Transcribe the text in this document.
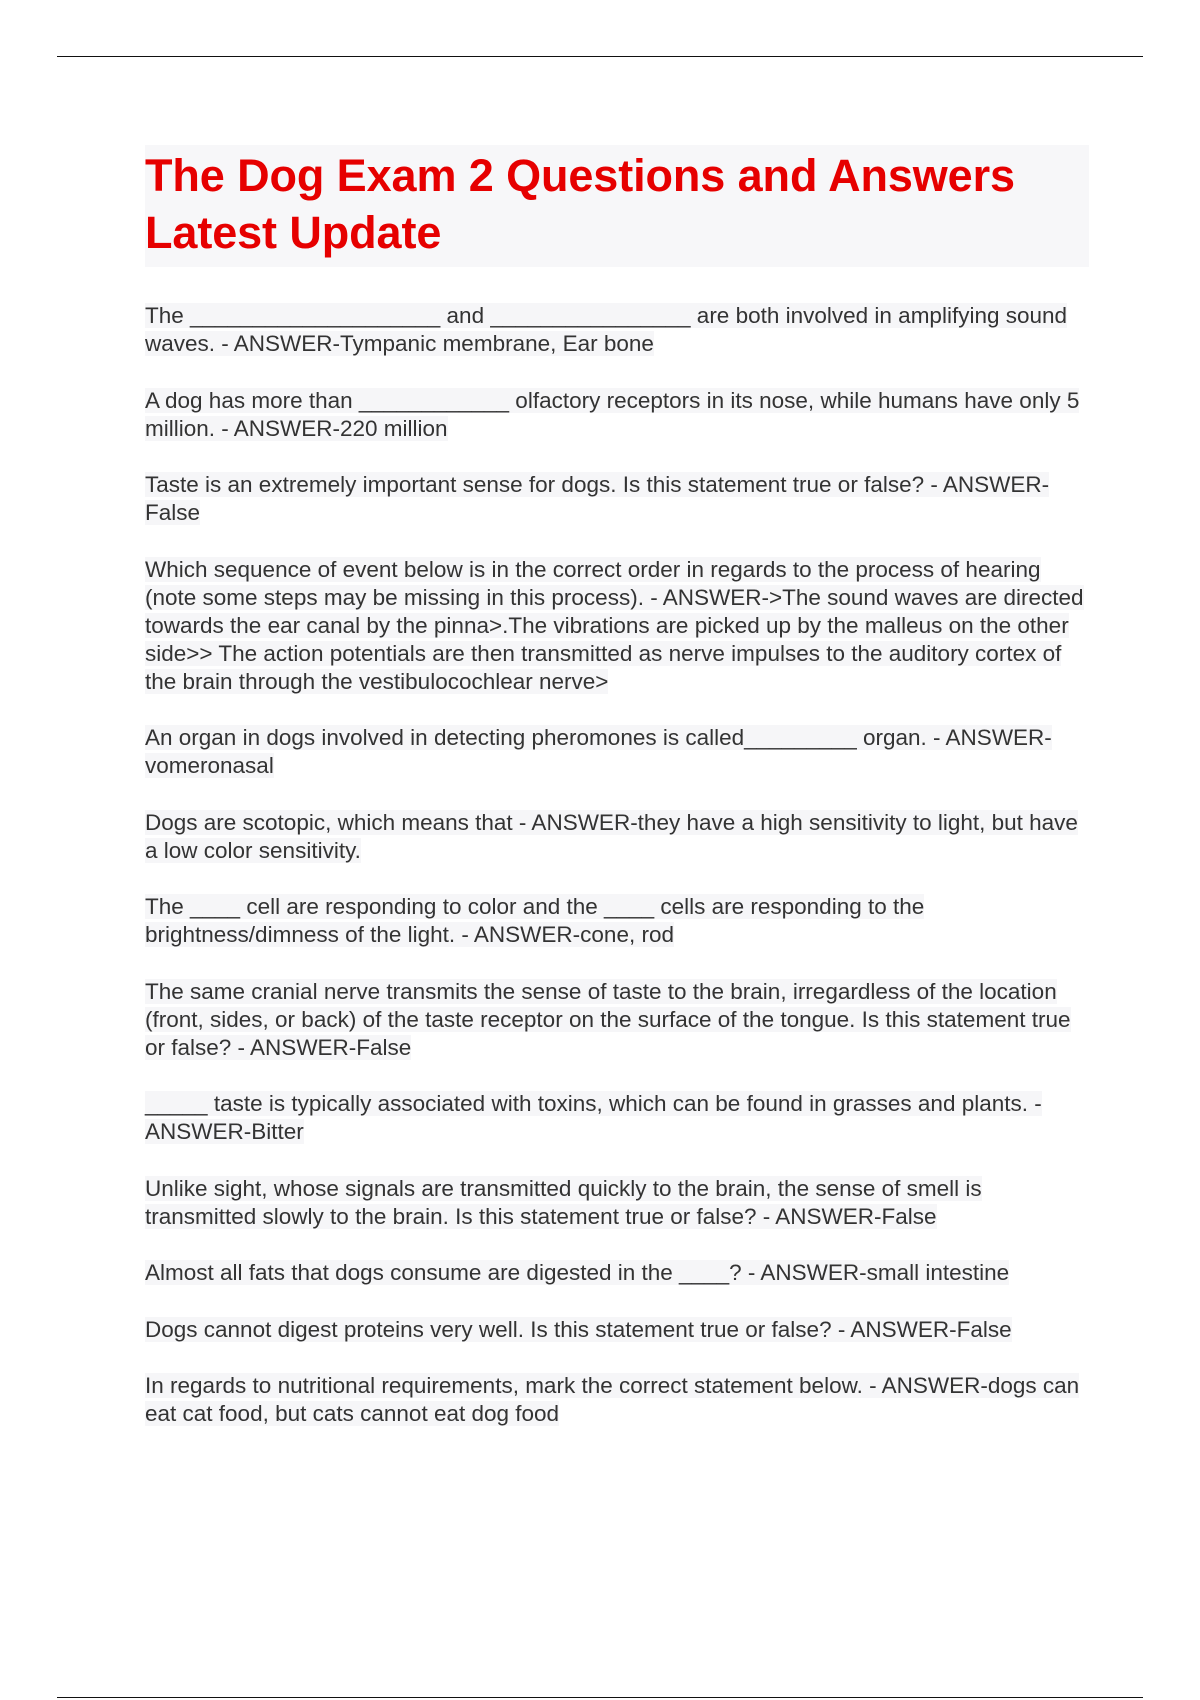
The Dog Exam 2 Questions and Answers
Latest Update

The ____________________ and ________________ are both involved in amplifying sound waves. - ANSWER-Tympanic membrane, Ear bone

A dog has more than ____________ olfactory receptors in its nose, while humans have only 5 million. - ANSWER-220 million

Taste is an extremely important sense for dogs. Is this statement true or false? - ANSWER-False

Which sequence of event below is in the correct order in regards to the process of hearing (note some steps may be missing in this process). - ANSWER->The sound waves are directed towards the ear canal by the pinna>.The vibrations are picked up by the malleus on the other side>> The action potentials are then transmitted as nerve impulses to the auditory cortex of the brain through the vestibulocochlear nerve>

An organ in dogs involved in detecting pheromones is called_________ organ. - ANSWER-vomeronasal

Dogs are scotopic, which means that - ANSWER-they have a high sensitivity to light, but have a low color sensitivity.

The ____ cell are responding to color and the ____ cells are responding to the brightness/dimness of the light. - ANSWER-cone, rod

The same cranial nerve transmits the sense of taste to the brain, irregardless of the location (front, sides, or back) of the taste receptor on the surface of the tongue. Is this statement true or false? - ANSWER-False

_____ taste is typically associated with toxins, which can be found in grasses and plants. - ANSWER-Bitter

Unlike sight, whose signals are transmitted quickly to the brain, the sense of smell is transmitted slowly to the brain. Is this statement true or false? - ANSWER-False

Almost all fats that dogs consume are digested in the ____? - ANSWER-small intestine

Dogs cannot digest proteins very well. Is this statement true or false? - ANSWER-False

In regards to nutritional requirements, mark the correct statement below. - ANSWER-dogs can eat cat food, but cats cannot eat dog food
